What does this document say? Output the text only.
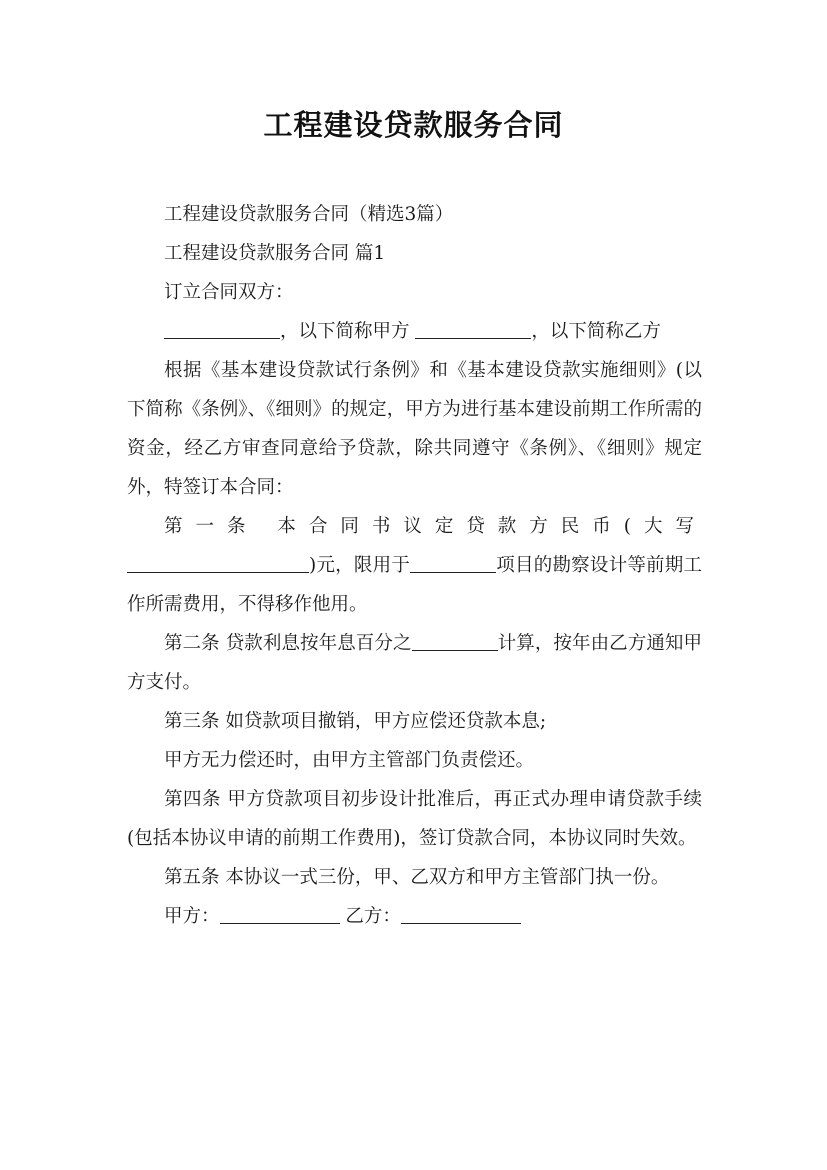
工程建设贷款服务合同

工程建设贷款服务合同（精选3篇）

工程建设贷款服务合同 篇1

订立合同双方：

，以下简称甲方	，以下简称乙方

根据《基本建设贷款试行条例》和《基本建设贷款实施细则》(以下简称《条例》、《细则》的规定，甲方为进行基本建设前期工作所需的资金，经乙方审查同意给予贷款，除共同遵守《条例》、《细则》规定外，特签订本合同：

第一条 本合同书议定贷款方民币(大写)元，限用于	项目的勘察设计等前期工作所需费用，不得移作他用。

第二条 贷款利息按年息百分之	计算，按年由乙方通知甲方支付。

第三条 如贷款项目撤销，甲方应偿还贷款本息;

甲方无力偿还时，由甲方主管部门负责偿还。

第四条 甲方贷款项目初步设计批准后，再正式办理申请贷款手续(包括本协议申请的前期工作费用)，签订贷款合同，本协议同时失效。

第五条 本协议一式三份，甲、乙双方和甲方主管部门执一份。

甲方：	乙方：
